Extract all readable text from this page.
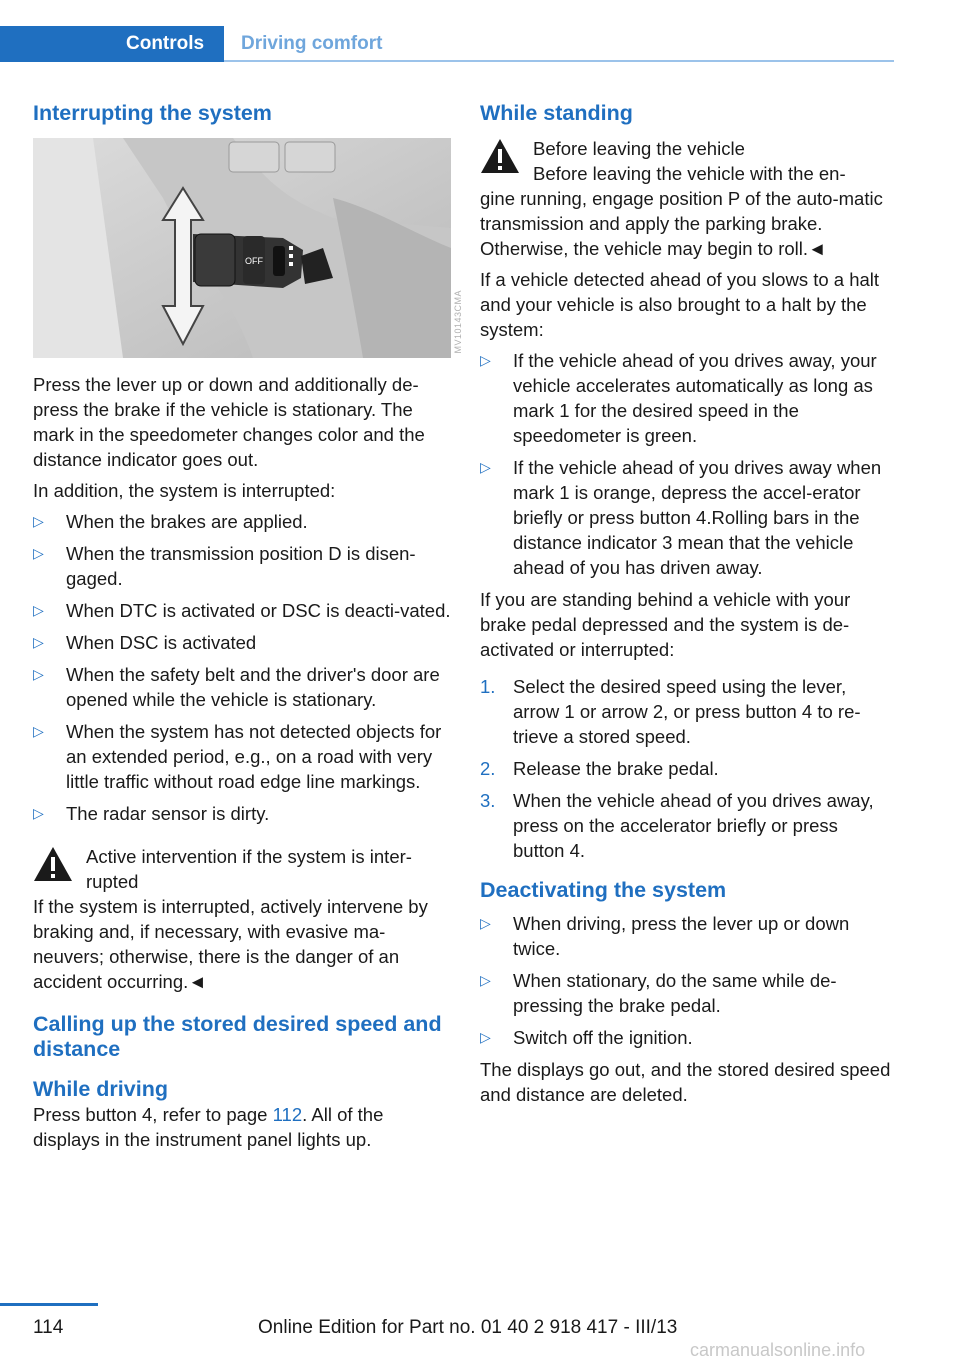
Controls	Driving comfort
Interrupting the system
OFF

Press the lever up or down and additionally de-press the brake if the vehicle is stationary. The mark in the speedometer changes color and the distance indicator goes out.

In addition, the system is interrupted:

▷ When the brakes are applied.
▷ When the transmission position D is disen-gaged.
▷ When DTC is activated or DSC is deacti-vated.
▷ When DSC is activated
▷ When the safety belt and the driver's door are opened while the vehicle is stationary.
▷ When the system has not detected objects for an extended period, e.g., on a road with very little traffic without road edge line markings.
▷ The radar sensor is dirty.
Active intervention if the system is inter-rupted

If the system is interrupted, actively intervene by braking and, if necessary, with evasive ma-neuvers; otherwise, there is the danger of an accident occurring.◄

Calling up the stored desired speed and distance
While driving

Press button 4, refer to page 112. All of the displays in the instrument panel lights up.

MV10143CMA
While standing
Before leaving the vehicle
Before leaving the vehicle with the en-

gine running, engage position P of the auto-matic transmission and apply the parking brake. Otherwise, the vehicle may begin to roll.◄

If a vehicle detected ahead of you slows to a halt and your vehicle is also brought to a halt by the system:

▷ If the vehicle ahead of you drives away, your vehicle accelerates automatically as long as mark 1 for the desired speed in the speedometer is green.
▷ If the vehicle ahead of you drives away when mark 1 is orange, depress the accel-erator briefly or press button 4.Rolling bars in the distance indicator 3 mean that the vehicle ahead of you has driven away.

If you are standing behind a vehicle with your brake pedal depressed and the system is de-activated or interrupted:

1. Select the desired speed using the lever, arrow 1 or arrow 2, or press button 4 to re-trieve a stored speed.
2. Release the brake pedal.
3. When the vehicle ahead of you drives away, press on the accelerator briefly or press button 4.
Deactivating the system
▷ When driving, press the lever up or down twice.
▷ When stationary, do the same while de-pressing the brake pedal.
▷ Switch off the ignition.

The displays go out, and the stored desired speed and distance are deleted.

114	Online Edition for Part no. 01 40 2 918 417 - III/13
carmanualsonline.info
